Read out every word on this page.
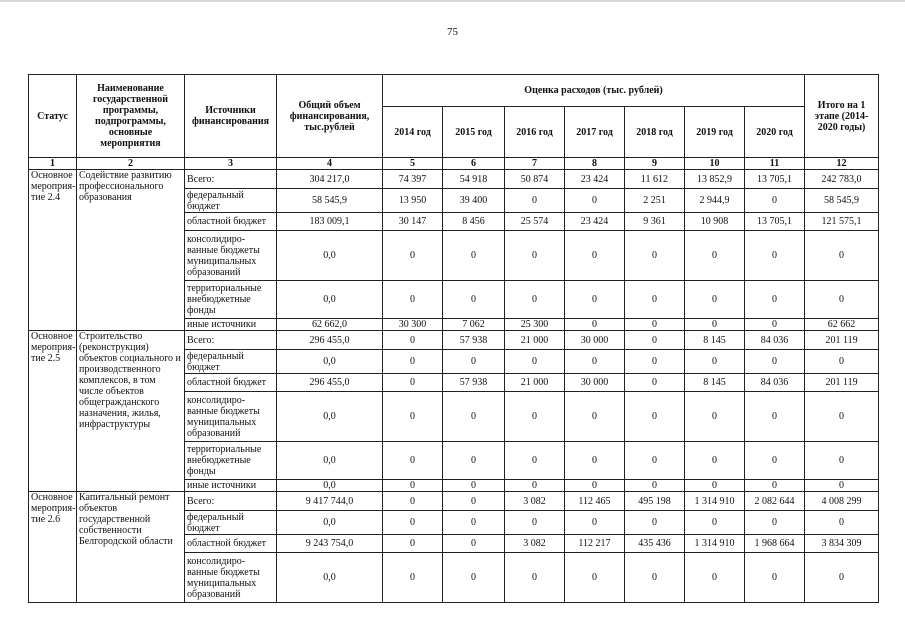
75
Статус	Наименование государственной программы, подпрограммы, основные мероприятия	Источники финансирования	Общий объем финансирования, тыс.рублей	Оценка расходов (тыс. рублей)							Итого на 1 этапе (2014-2020 годы)
				2014 год	2015 год	2016 год	2017 год	2018 год	2019 год	2020 год	
1	2	3	4	5	6	7	8	9	10	11	12
Основное мероприя-тие 2.4	Содействие развитию профессионального образования	Всего:	304 217,0	74 397	54 918	50 874	23 424	11 612	13 852,9	13 705,1	242 783,0
		федеральный бюджет	58 545,9	13 950	39 400	0	0	2 251	2 944,9	0	58 545,9
		областной бюджет	183 009,1	30 147	8 456	25 574	23 424	9 361	10 908	13 705,1	121 575,1
		консолидиро-ванные бюджеты муниципальных образований	0,0	0	0	0	0	0	0	0	0
		территориальные внебюджетные фонды	0,0	0	0	0	0	0	0	0	0
		иные источники	62 662,0	30 300	7 062	25 300	0	0	0	0	62 662
Основное мероприя-тие 2.5	Строительство (реконструкция) объектов социального и производственного комплексов, в том числе объектов общегражданского назначения, жилья, инфраструктуры	Всего:	296 455,0	0	57 938	21 000	30 000	0	8 145	84 036	201 119
		федеральный бюджет	0,0	0	0	0	0	0	0	0	0
		областной бюджет	296 455,0	0	57 938	21 000	30 000	0	8 145	84 036	201 119
		консолидиро-ванные бюджеты муниципальных образований	0,0	0	0	0	0	0	0	0	0
		территориальные внебюджетные фонды	0,0	0	0	0	0	0	0	0	0
		иные источники	0,0	0	0	0	0	0	0	0	0
Основное мероприя-тие 2.6	Капитальный ремонт объектов государственной собственности Белгородской области	Всего:	9 417 744,0	0	0	3 082	112 465	495 198	1 314 910	2 082 644	4 008 299
		федеральный бюджет	0,0	0	0	0	0	0	0	0	0
		областной бюджет	9 243 754,0	0	0	3 082	112 217	435 436	1 314 910	1 968 664	3 834 309
		консолидиро-ванные бюджеты муниципальных образований	0,0	0	0	0	0	0	0	0	0
